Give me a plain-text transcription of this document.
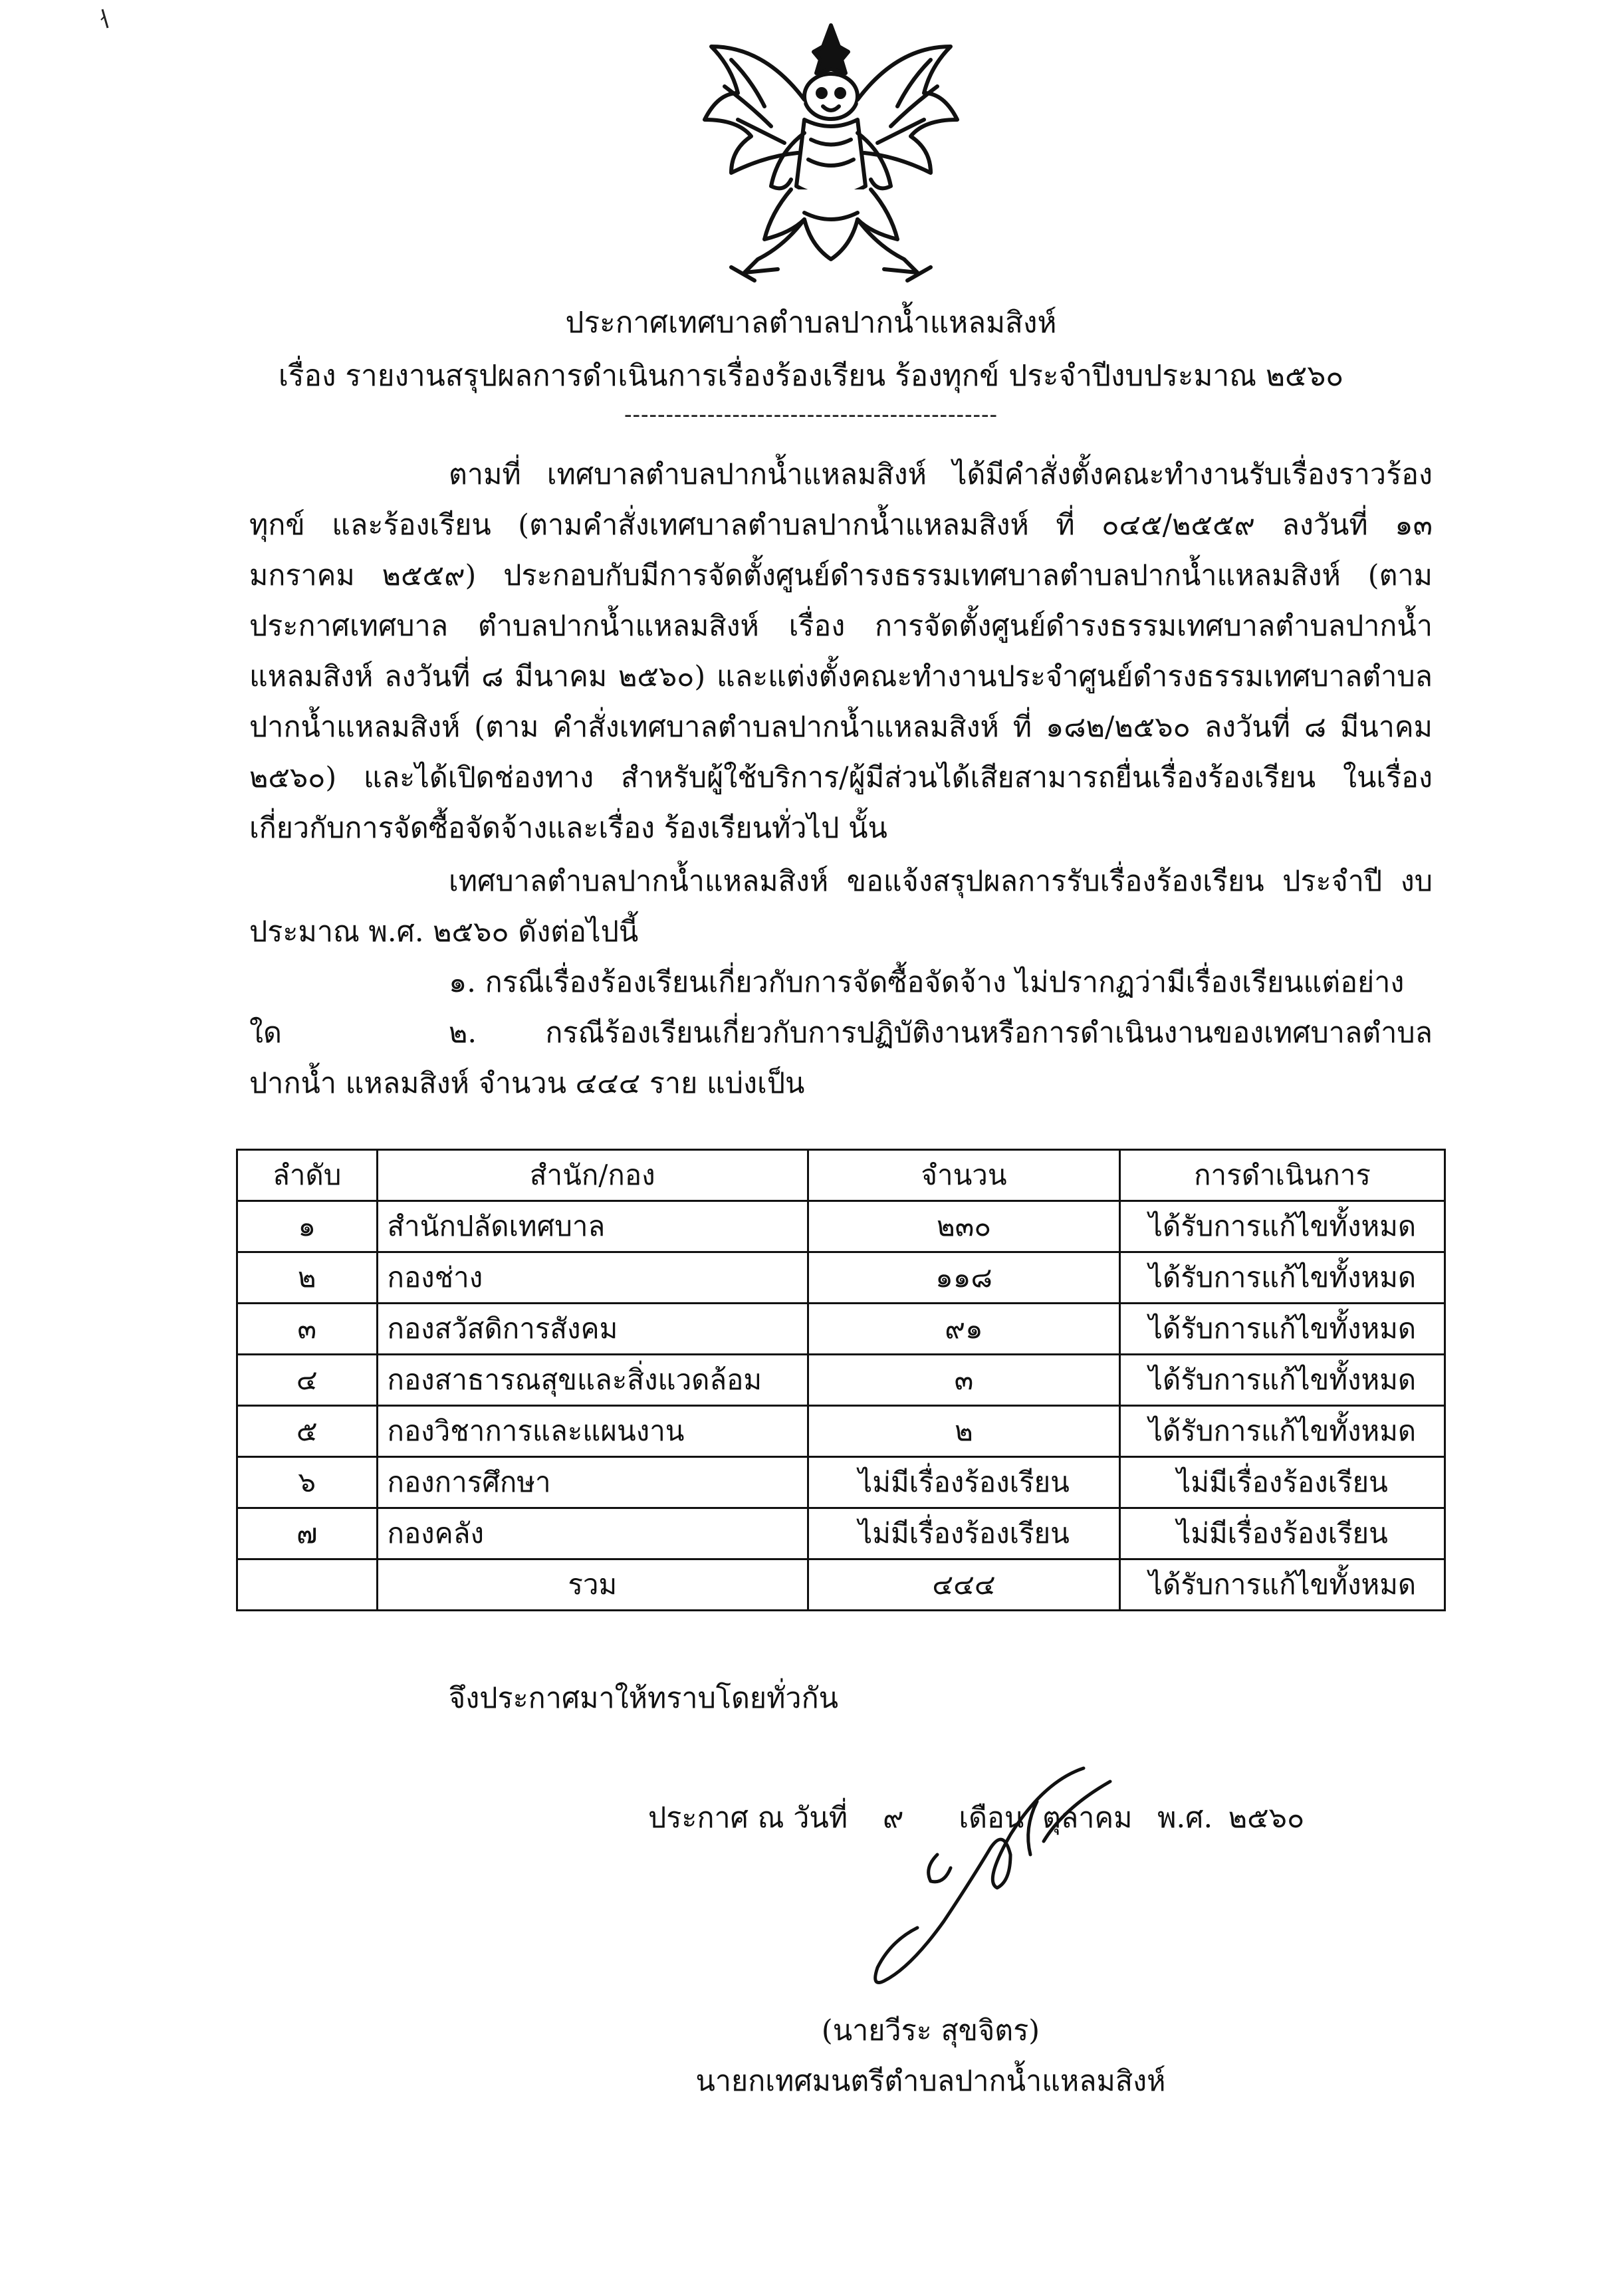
ประกาศเทศบาลตำบลปากน้ำแหลมสิงห์
เรื่อง รายงานสรุปผลการดำเนินการเรื่องร้องเรียน ร้องทุกข์ ประจำปีงบประมาณ ๒๕๖๐
---------------------------------------------
ตามที่ เทศบาลตำบลปากน้ำแหลมสิงห์ ได้มีคำสั่งตั้งคณะทำงานรับเรื่องราวร้องทุกข์ และร้องเรียน (ตามคำสั่งเทศบาลตำบลปากน้ำแหลมสิงห์ ที่ ๐๔๕/๒๕๕๙ ลงวันที่ ๑๓ มกราคม ๒๕๕๙) ประกอบกับมีการจัดตั้งศูนย์ดำรงธรรมเทศบาลตำบลปากน้ำแหลมสิงห์ (ตามประกาศเทศบาล ตำบลปากน้ำแหลมสิงห์ เรื่อง การจัดตั้งศูนย์ดำรงธรรมเทศบาลตำบลปากน้ำแหลมสิงห์ ลงวันที่ ๘ มีนาคม ๒๕๖๐) และแต่งตั้งคณะทำงานประจำศูนย์ดำรงธรรมเทศบาลตำบลปากน้ำแหลมสิงห์ (ตาม คำสั่งเทศบาลตำบลปากน้ำแหลมสิงห์ ที่ ๑๘๒/๒๕๖๐ ลงวันที่ ๘ มีนาคม ๒๕๖๐) และได้เปิดช่องทาง สำหรับผู้ใช้บริการ/ผู้มีส่วนได้เสียสามารถยื่นเรื่องร้องเรียน ในเรื่องเกี่ยวกับการจัดซื้อจัดจ้างและเรื่อง ร้องเรียนทั่วไป นั้น
เทศบาลตำบลปากน้ำแหลมสิงห์ ขอแจ้งสรุปผลการรับเรื่องร้องเรียน ประจำปี งบประมาณ พ.ศ. ๒๕๖๐ ดังต่อไปนี้
๑. กรณีเรื่องร้องเรียนเกี่ยวกับการจัดซื้อจัดจ้าง ไม่ปรากฏว่ามีเรื่องเรียนแต่อย่างใด	๒. กรณีร้องเรียนเกี่ยวกับการปฏิบัติงานหรือการดำเนินงานของเทศบาลตำบลปากน้ำ แหลมสิงห์ จำนวน ๔๔๔ ราย แบ่งเป็น
ลำดับ	สำนัก/กอง	จำนวน	การดำเนินการ
๑	สำนักปลัดเทศบาล	๒๓๐	ได้รับการแก้ไขทั้งหมด
๒	กองช่าง	๑๑๘	ได้รับการแก้ไขทั้งหมด
๓	กองสวัสดิการสังคม	๙๑	ได้รับการแก้ไขทั้งหมด
๔	กองสาธารณสุขและสิ่งแวดล้อม	๓	ได้รับการแก้ไขทั้งหมด
๕	กองวิชาการและแผนงาน	๒	ได้รับการแก้ไขทั้งหมด
๖	กองการศึกษา	ไม่มีเรื่องร้องเรียน	ไม่มีเรื่องร้องเรียน
๗	กองคลัง	ไม่มีเรื่องร้องเรียน	ไม่มีเรื่องร้องเรียน
	รวม	๔๔๔	ได้รับการแก้ไขทั้งหมด
จึงประกาศมาให้ทราบโดยทั่วกัน
ประกาศ ณ วันที่ ๙ เดือน ตุลาคม พ.ศ. ๒๕๖๐
(นายวีระ สุขจิตร)
นายกเทศมนตรีตำบลปากน้ำแหลมสิงห์
